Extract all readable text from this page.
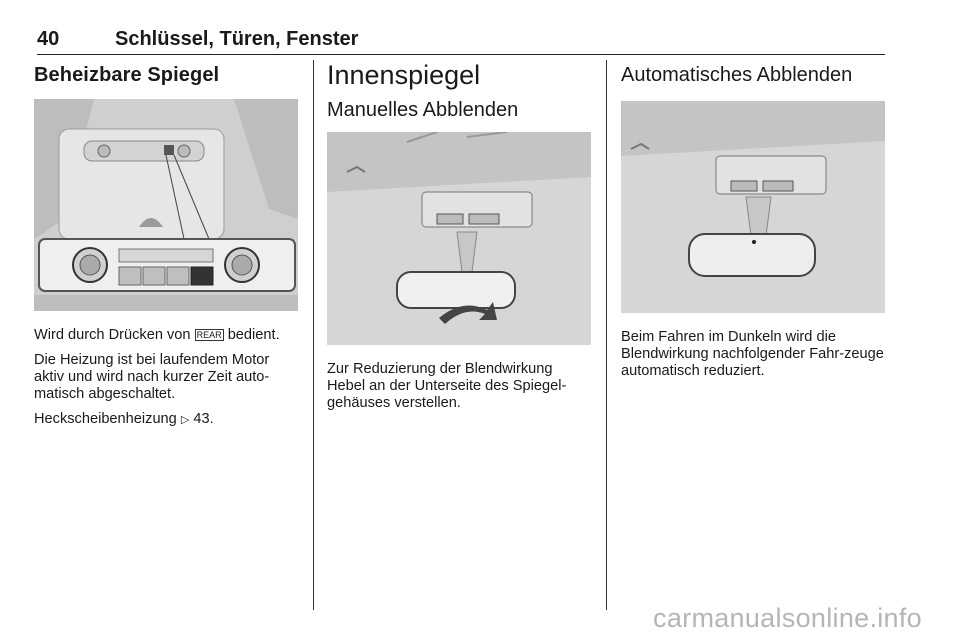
40	Schlüssel, Türen, Fenster
Beheizbare Spiegel

Wird durch Drücken von REAR bedient.

Die Heizung ist bei laufendem Motor aktiv und wird nach kurzer Zeit auto-matisch abgeschaltet.

Heckscheibenheizung ▷ 43.

Innenspiegel
Manuelles Abblenden

Zur Reduzierung der Blendwirkung Hebel an der Unterseite des Spiegel-gehäuses verstellen.

Automatisches Abblenden

Beim Fahren im Dunkeln wird die Blendwirkung nachfolgender Fahr-zeuge automatisch reduziert.

carmanualsonline.info
